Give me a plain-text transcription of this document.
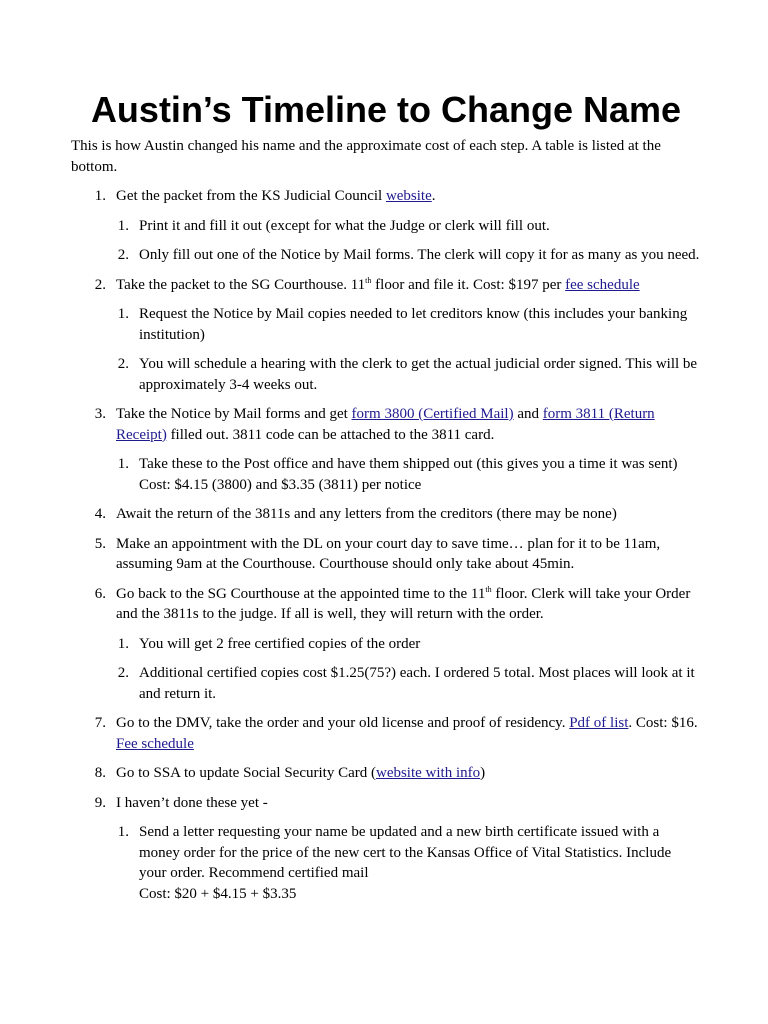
Austin’s Timeline to Change Name

This is how Austin changed his name and the approximate cost of each step. A table is listed at the bottom.

1. Get the packet from the KS Judicial Council website.
1. Print it and fill it out (except for what the Judge or clerk will fill out.
2. Only fill out one of the Notice by Mail forms. The clerk will copy it for as many as you need.
2. Take the packet to the SG Courthouse. 11th floor and file it. Cost: $197 per fee schedule
1. Request the Notice by Mail copies needed to let creditors know (this includes your banking institution)
2. You will schedule a hearing with the clerk to get the actual judicial order signed. This will be approximately 3-4 weeks out.
3. Take the Notice by Mail forms and get form 3800 (Certified Mail) and form 3811 (Return Receipt) filled out. 3811 code can be attached to the 3811 card.
1. Take these to the Post office and have them shipped out (this gives you a time it was sent)
Cost: $4.15 (3800) and $3.35 (3811) per notice
4. Await the return of the 3811s and any letters from the creditors (there may be none)
5. Make an appointment with the DL on your court day to save time… plan for it to be 11am, assuming 9am at the Courthouse. Courthouse should only take about 45min.
6. Go back to the SG Courthouse at the appointed time to the 11th floor. Clerk will take your Order and the 3811s to the judge. If all is well, they will return with the order.
1. You will get 2 free certified copies of the order
2. Additional certified copies cost $1.25(75?) each. I ordered 5 total. Most places will look at it and return it.
7. Go to the DMV, take the order and your old license and proof of residency. Pdf of list. Cost: $16. Fee schedule
8. Go to SSA to update Social Security Card (website with info)
9. I haven’t done these yet -
1. Send a letter requesting your name be updated and a new birth certificate issued with a money order for the price of the new cert to the Kansas Office of Vital Statistics. Include your order. Recommend certified mail
Cost: $20 + $4.15 + $3.35
